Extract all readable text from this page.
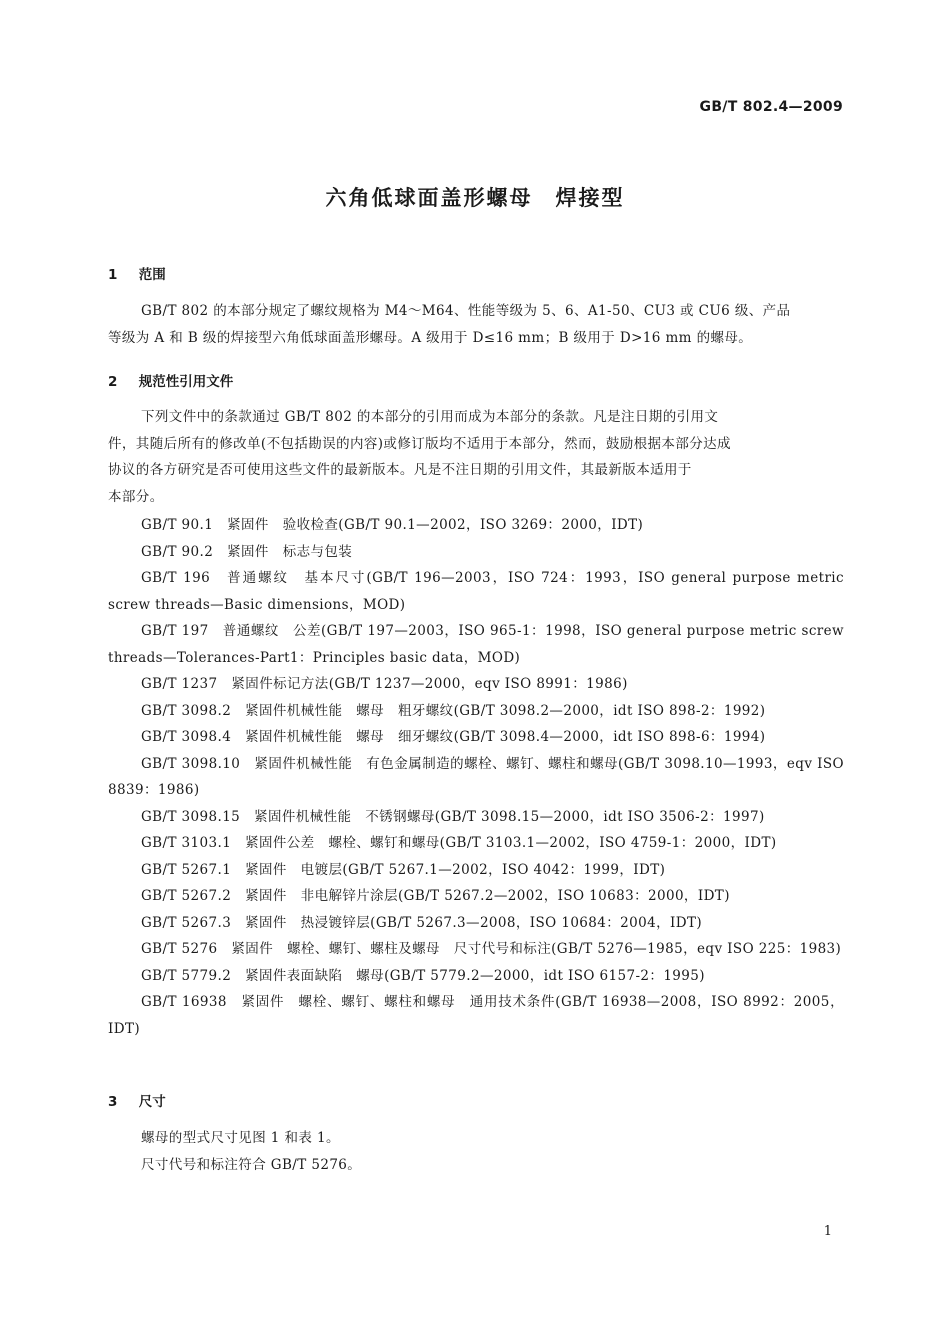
GB/T 802.4—2009
六角低球面盖形螺母　焊接型
1 范围
GB/T 802 的本部分规定了螺纹规格为 M4～M64、性能等级为 5、6、A1-50、CU3 或 CU6 级、产品
等级为 A 和 B 级的焊接型六角低球面盖形螺母。A 级用于 D≤16 mm；B 级用于 D>16 mm 的螺母。
2 规范性引用文件
下列文件中的条款通过 GB/T 802 的本部分的引用而成为本部分的条款。凡是注日期的引用文
件，其随后所有的修改单(不包括勘误的内容)或修订版均不适用于本部分，然而，鼓励根据本部分达成
协议的各方研究是否可使用这些文件的最新版本。凡是不注日期的引用文件，其最新版本适用于
本部分。
GB/T 90.1　紧固件　验收检查(GB/T 90.1—2002，ISO 3269：2000，IDT)
GB/T 90.2　紧固件　标志与包装
GB/T 196　普通螺纹　基本尺寸(GB/T 196—2003，ISO 724：1993，ISO general purpose metric screw threads—Basic dimensions，MOD)
GB/T 197　普通螺纹　公差(GB/T 197—2003，ISO 965-1：1998，ISO general purpose metric screw threads—Tolerances-Part1：Principles basic data，MOD)
GB/T 1237　紧固件标记方法(GB/T 1237—2000，eqv ISO 8991：1986)
GB/T 3098.2　紧固件机械性能　螺母　粗牙螺纹(GB/T 3098.2—2000，idt ISO 898-2：1992)
GB/T 3098.4　紧固件机械性能　螺母　细牙螺纹(GB/T 3098.4—2000，idt ISO 898-6：1994)
GB/T 3098.10　紧固件机械性能　有色金属制造的螺栓、螺钉、螺柱和螺母(GB/T 3098.10—1993，eqv ISO 8839：1986)
GB/T 3098.15　紧固件机械性能　不锈钢螺母(GB/T 3098.15—2000，idt ISO 3506-2：1997)
GB/T 3103.1　紧固件公差　螺栓、螺钉和螺母(GB/T 3103.1—2002，ISO 4759-1：2000，IDT)
GB/T 5267.1　紧固件　电镀层(GB/T 5267.1—2002，ISO 4042：1999，IDT)
GB/T 5267.2　紧固件　非电解锌片涂层(GB/T 5267.2—2002，ISO 10683：2000，IDT)
GB/T 5267.3　紧固件　热浸镀锌层(GB/T 5267.3—2008，ISO 10684：2004，IDT)
GB/T 5276　紧固件　螺栓、螺钉、螺柱及螺母　尺寸代号和标注(GB/T 5276—1985，eqv ISO 225：1983)
GB/T 5779.2　紧固件表面缺陷　螺母(GB/T 5779.2—2000，idt ISO 6157-2：1995)
GB/T 16938　紧固件　螺栓、螺钉、螺柱和螺母　通用技术条件(GB/T 16938—2008，ISO 8992：2005，IDT)
3 尺寸
螺母的型式尺寸见图 1 和表 1。
尺寸代号和标注符合 GB/T 5276。
1
